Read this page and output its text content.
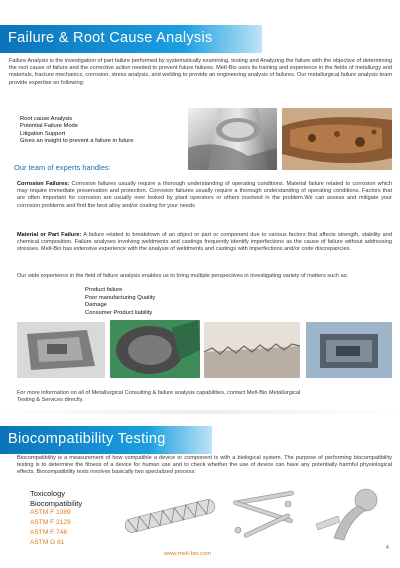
Failure & Root Cause Analysis

Failure Analysis is the investigation of part failure performed by systematically examining, testing and Analyzing the failure with the objective of determining the root cause of failure and the corrective action needed to prevent future failures. Metl-Bio uses its training and experience in the fields of metallurgy and materials, fracture mechanics, corrosion, stress analysis, and welding to provide an engineering analysis of failures. Our metallurgical failure analysis team provide expertise on following:

Root cause Analysis
Potential Failure Mode
Litigation Support
Gives an insight to prevent a failure in future
Our team of experts handles:

Corrosion Failures: Corrosion failures usually require a thorough understanding of operating conditions. Material failure related to corrosion which may require immediate preservation and protection. Corrosion failures usually require a thorough understanding of operating conditions. Factors that are often important for corrosion are usually over looked by plant operators or others involved in the problem.We can assess and mitigate your corrosion problems and find the best alloy and/or coating for your needs

Material or Part Failure: A failure related to breakdown of an object or part or component due to various factors that affects strength, stability and chemical composition. Failure analyses involving weldments and castings frequently identify imperfections as the cause of failure without addressing stresses. Metl-Bio has extensive experience with the analysis of weldments and castings with imperfections and/or code discrepancies.

Our wide experience in the field of failure analysis enables us to bring multiple perspectives in investigating variety of matters such as:

Product failure
Poor manufacturing Quality
Damage
Consumer Product liability

For more information on all of Metallurgical Consulting & failure analysis capabilities, contact Metl-Bio Metallurgical Testing & Services directly.

Biocompatibility Testing

Biocompatibility is a measurement of how compatible a device or component is with a biological system. The purpose of performing biocompatibility testing is to determine the fitness of a device for human use and to check whether the use of device can have any potentially harmful physiological effects. Biocompatibility tests involves basically two specialized process:

Toxicology
Biocompatibility
ASTM F 1089
ASTM F 2129
ASTM F 746
ASTM G 61
www.metl-bio.com
4
